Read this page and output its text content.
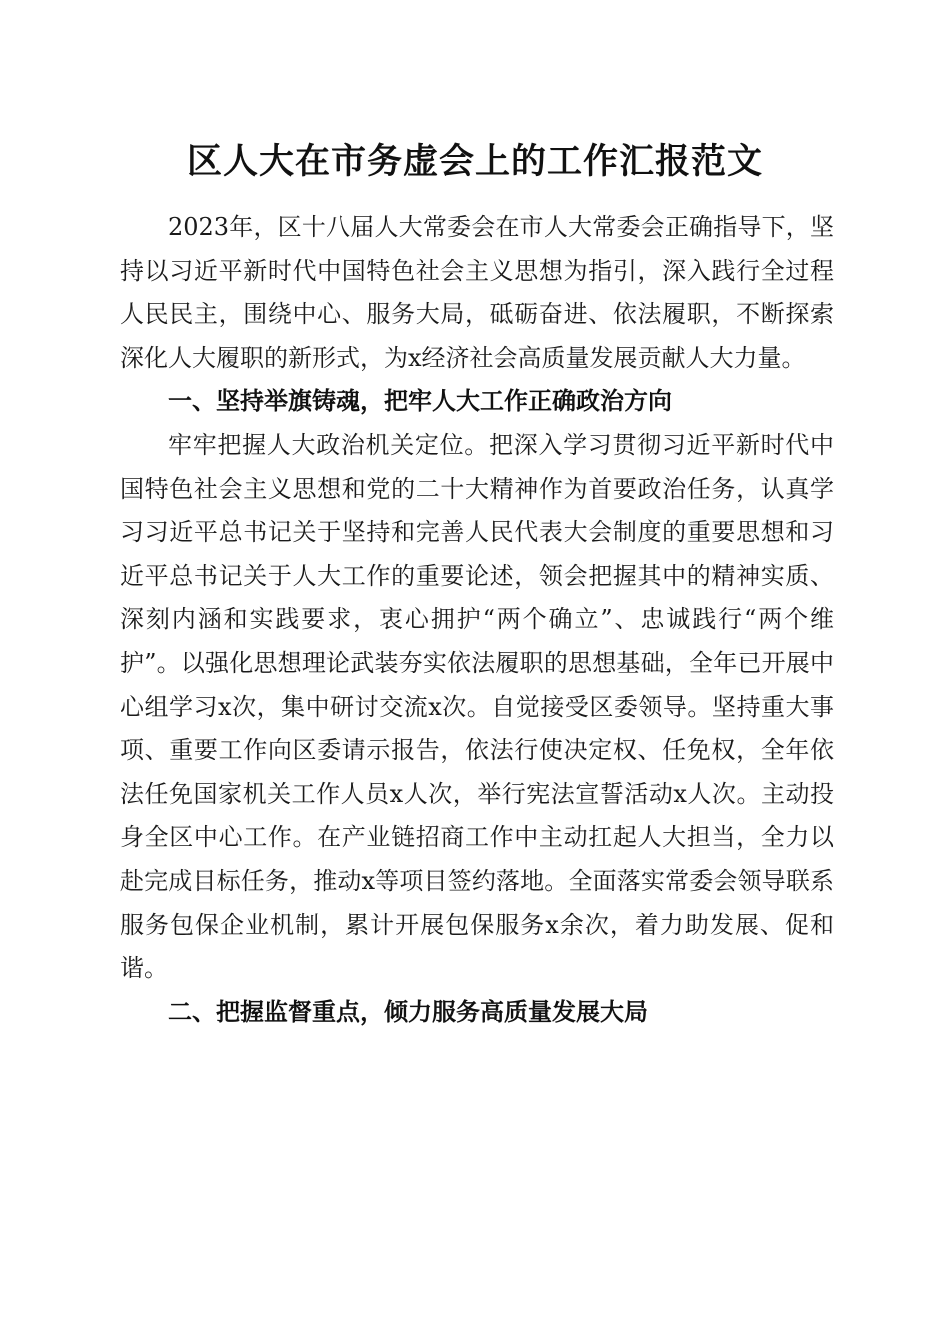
区人大在市务虚会上的工作汇报范文

2023年，区十八届人大常委会在市人大常委会正确指导下，坚持以习近平新时代中国特色社会主义思想为指引，深入践行全过程人民民主，围绕中心、服务大局，砥砺奋进、依法履职，不断探索深化人大履职的新形式，为x经济社会高质量发展贡献人大力量。

一、坚持举旗铸魂，把牢人大工作正确政治方向

牢牢把握人大政治机关定位。把深入学习贯彻习近平新时代中国特色社会主义思想和党的二十大精神作为首要政治任务，认真学习习近平总书记关于坚持和完善人民代表大会制度的重要思想和习近平总书记关于人大工作的重要论述，领会把握其中的精神实质、深刻内涵和实践要求，衷心拥护“两个确立”、忠诚践行“两个维护”。以强化思想理论武装夯实依法履职的思想基础，全年已开展中心组学习x次，集中研讨交流x次。自觉接受区委领导。坚持重大事项、重要工作向区委请示报告，依法行使决定权、任免权，全年依法任免国家机关工作人员x人次，举行宪法宣誓活动x人次。主动投身全区中心工作。在产业链招商工作中主动扛起人大担当，全力以赴完成目标任务，推动x等项目签约落地。全面落实常委会领导联系服务包保企业机制，累计开展包保服务x余次，着力助发展、促和谐。

二、把握监督重点，倾力服务高质量发展大局
